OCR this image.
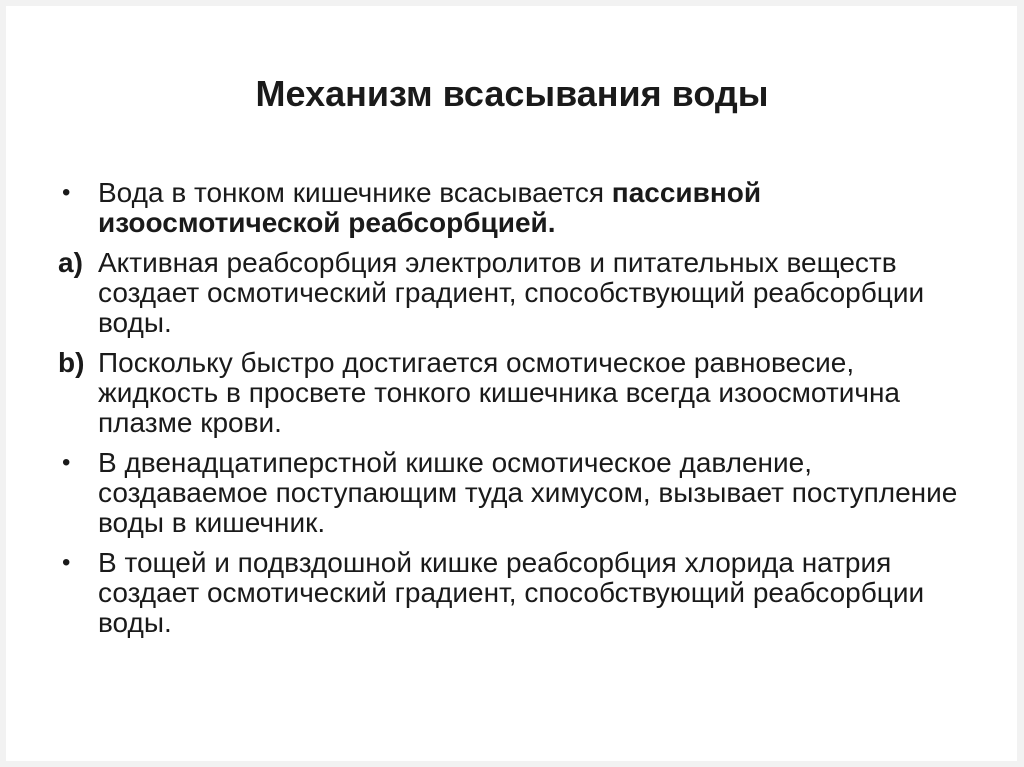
Механизм всасывания воды
• Вода в тонком кишечнике всасывается пассивной изоосмотической реабсорбцией.
a) Активная реабсорбция электролитов и питательных веществ создает осмотический градиент, способствующий реабсорбции воды.
b) Поскольку быстро достигается осмотическое равновесие, жидкость в просвете тонкого кишечника всегда изоосмотична плазме крови.
• В двенадцатиперстной кишке осмотическое давление, создаваемое поступающим туда химусом, вызывает поступление воды в кишечник.
• В тощей и подвздошной кишке реабсорбция хлорида натрия создает осмотический градиент, способствующий реабсорбции воды.
